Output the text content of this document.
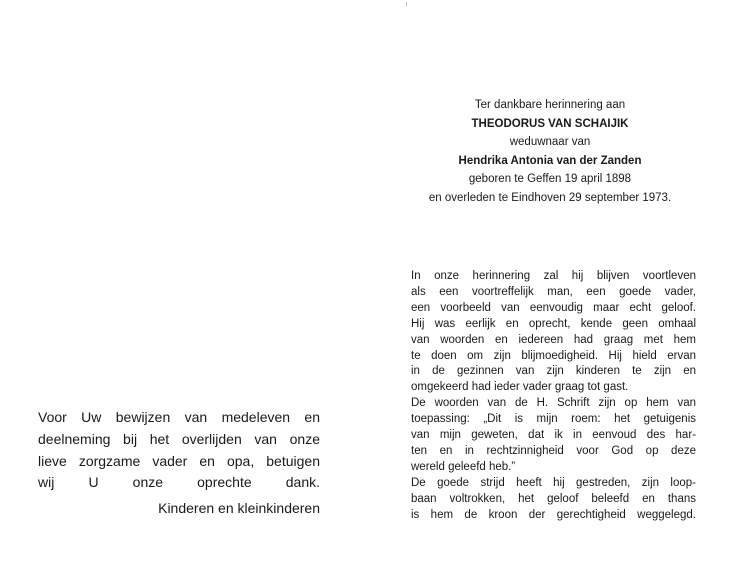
Ter dankbare herinnering aan
THEODORUS VAN SCHAIJIK
weduwnaar van
Hendrika Antonia van der Zanden
geboren te Geffen 19 april 1898
en overleden te Eindhoven 29 september 1973.
In onze herinnering zal hij blijven voortleven
als een voortreffelijk man, een goede vader,
een voorbeeld van eenvoudig maar echt geloof.
Hij was eerlijk en oprecht, kende geen omhaal
van woorden en iedereen had graag met hem
te doen om zijn blijmoedigheid. Hij hield ervan
in de gezinnen van zijn kinderen te zijn en
omgekeerd had ieder vader graag tot gast.
De woorden van de H. Schrift zijn op hem van
toepassing: „Dit is mijn roem: het getuigenis
van mijn geweten, dat ik in eenvoud des har-
ten en in rechtzinnigheid voor God op deze
wereld geleefd heb.”
De goede strijd heeft hij gestreden, zijn loop-
baan voltrokken, het geloof beleefd en thans
is hem de kroon der gerechtigheid weggelegd.
Voor Uw bewijzen van medeleven en
deelneming bij het overlijden van onze
lieve zorgzame vader en opa, betuigen
wij U onze oprechte dank.
Kinderen en kleinkinderen
